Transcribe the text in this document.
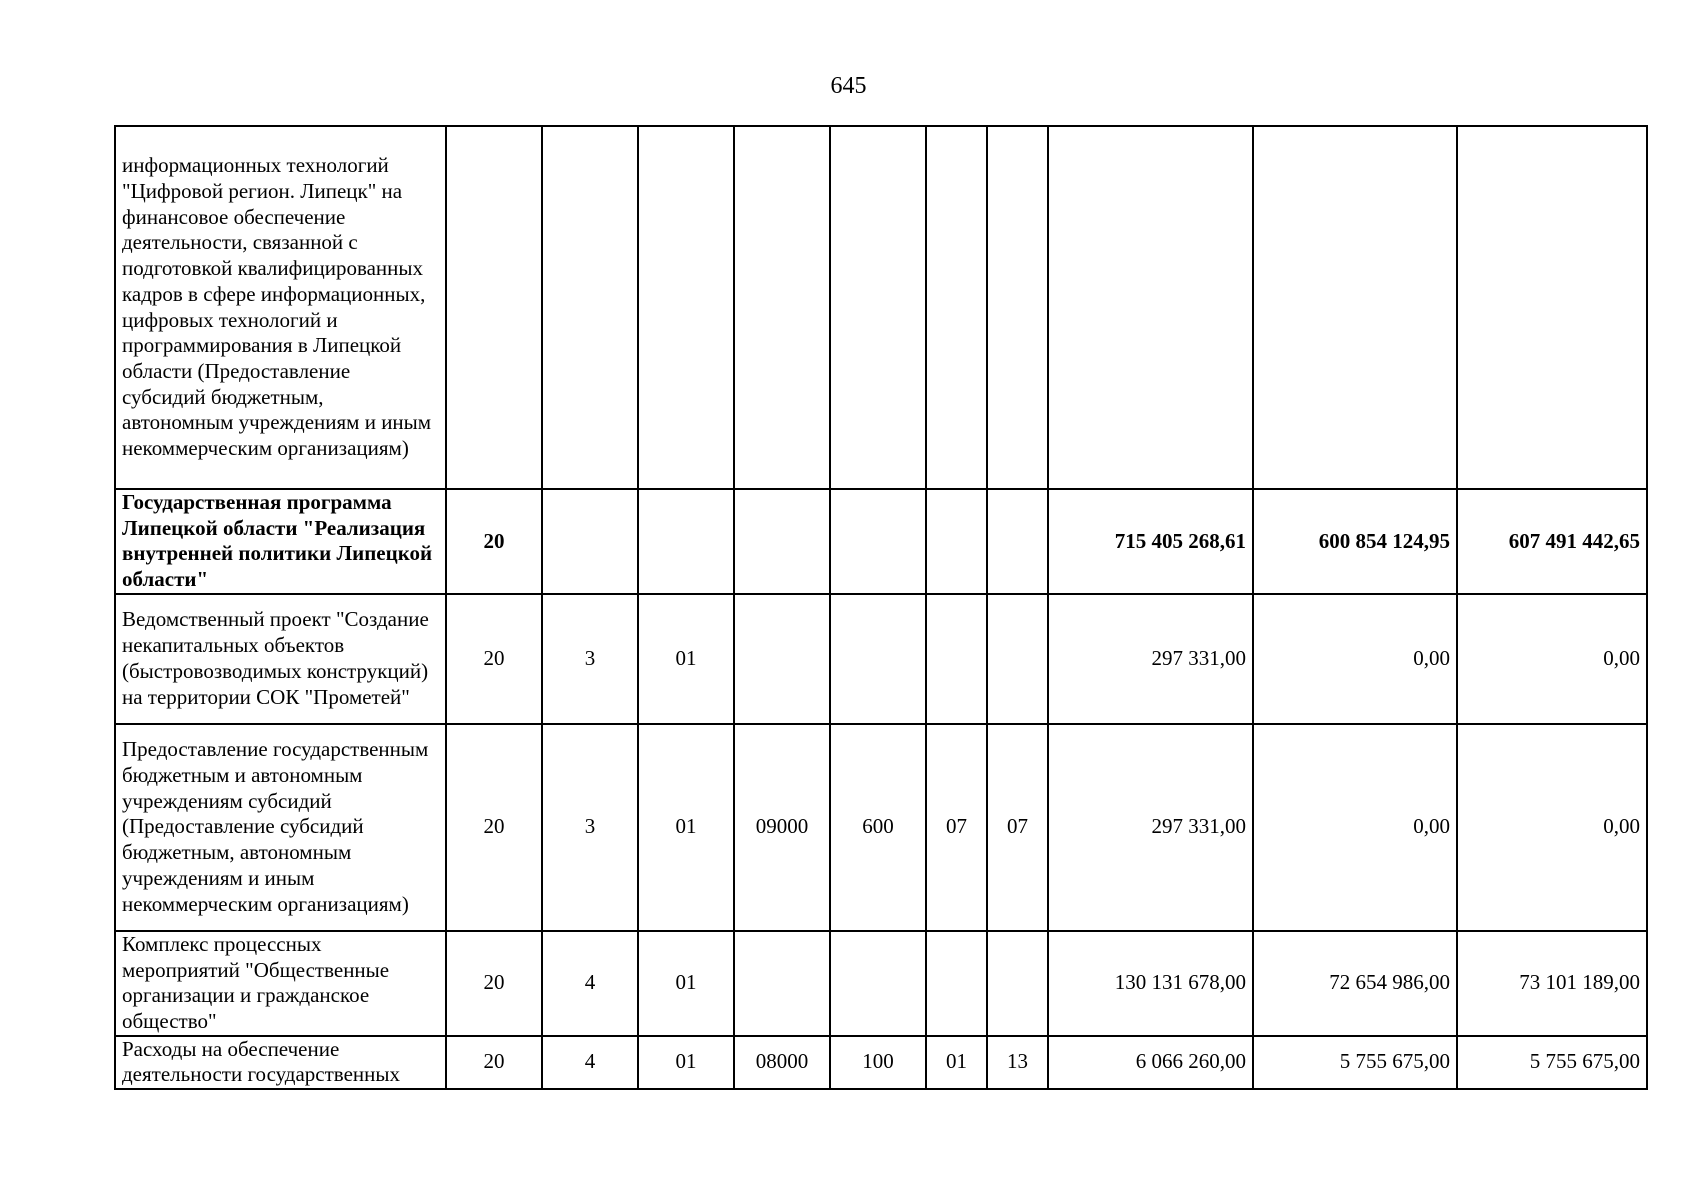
645
информационных технологий "Цифровой регион. Липецк" на финансовое обеспечение деятельности, связанной с подготовкой квалифицированных кадров в сфере информационных, цифровых технологий и программирования в Липецкой области (Предоставление субсидий бюджетным, автономным учреждениям и иным некоммерческим организациям)										
Государственная программа Липецкой области "Реализация внутренней политики Липецкой области"	20							715 405 268,61	600 854 124,95	607 491 442,65
Ведомственный проект "Создание некапитальных объектов (быстровозводимых конструкций) на территории СОК "Прометей"	20	3	01					297 331,00	0,00	0,00
Предоставление государственным бюджетным и автономным учреждениям субсидий (Предоставление субсидий бюджетным, автономным учреждениям и иным некоммерческим организациям)	20	3	01	09000	600	07	07	297 331,00	0,00	0,00
Комплекс процессных мероприятий "Общественные организации и гражданское общество"	20	4	01					130 131 678,00	72 654 986,00	73 101 189,00
Расходы на обеспечение деятельности государственных	20	4	01	08000	100	01	13	6 066 260,00	5 755 675,00	5 755 675,00
